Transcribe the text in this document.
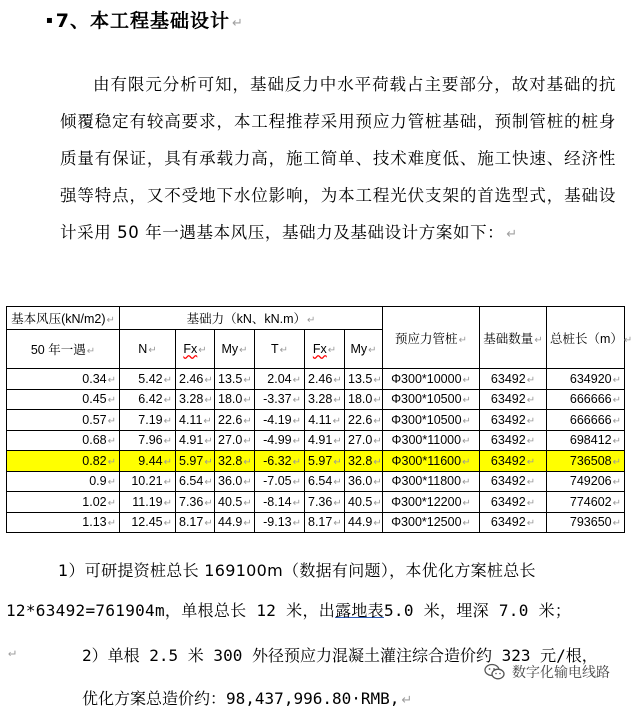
▪ 7、本工程基础设计 ↵
由有限元分析可知，基础反力中水平荷载占主要部分，故对基础的抗倾覆稳定有较高要求，本工程推荐采用预应力管桩基础，预制管桩的桩身质量有保证，具有承载力高，施工简单、技术难度低、施工快速、经济性强等特点，又不受地下水位影响，为本工程光伏支架的首选型式，基础设计采用 50 年一遇基本风压，基础力及基础设计方案如下： ↵
基本风压(kN/m2)↵	基础力（kN、kN.m）↵						预应力管桩↵	基础数量↵	总桩长（m）↵
50 年一遇↵	N↵	Fx↵	My↵	T↵	Fx↵	My↵			
0.34↵	5.42↵	2.46↵	13.5↵	2.04↵	2.46↵	13.5↵	Φ300*10000↵	63492↵	634920↵
0.45↵	6.42↵	3.28↵	18.0↵	-3.37↵	3.28↵	18.0↵	Φ300*10500↵	63492↵	666666↵
0.57↵	7.19↵	4.11↵	22.6↵	-4.19↵	4.11↵	22.6↵	Φ300*10500↵	63492↵	666666↵
0.68↵	7.96↵	4.91↵	27.0↵	-4.99↵	4.91↵	27.0↵	Φ300*11000↵	63492↵	698412↵
0.82↵	9.44↵	5.97↵	32.8↵	-6.32↵	5.97↵	32.8↵	Φ300*11600↵	63492↵	736508↵
0.9↵	10.21↵	6.54↵	36.0↵	-7.05↵	6.54↵	36.0↵	Φ300*11800↵	63492↵	749206↵
1.02↵	11.19↵	7.36↵	40.5↵	-8.14↵	7.36↵	40.5↵	Φ300*12200↵	63492↵	774602↵
1.13↵	12.45↵	8.17↵	44.9↵	-9.13↵	8.17↵	44.9↵	Φ300*12500↵	63492↵	793650↵
1）可研提资桩总长 169100m（数据有问题），本优化方案桩总长
12*63492=761904m，单根总长 12 米，出露地表5.0 米，埋深 7.0 米；↵	2）单根 2.5 米 300 外径预应力混凝土灌注综合造价约 323 元/根，
优化方案总造价约：98,437,996.80·RMB, ↵
数字化输电线路
